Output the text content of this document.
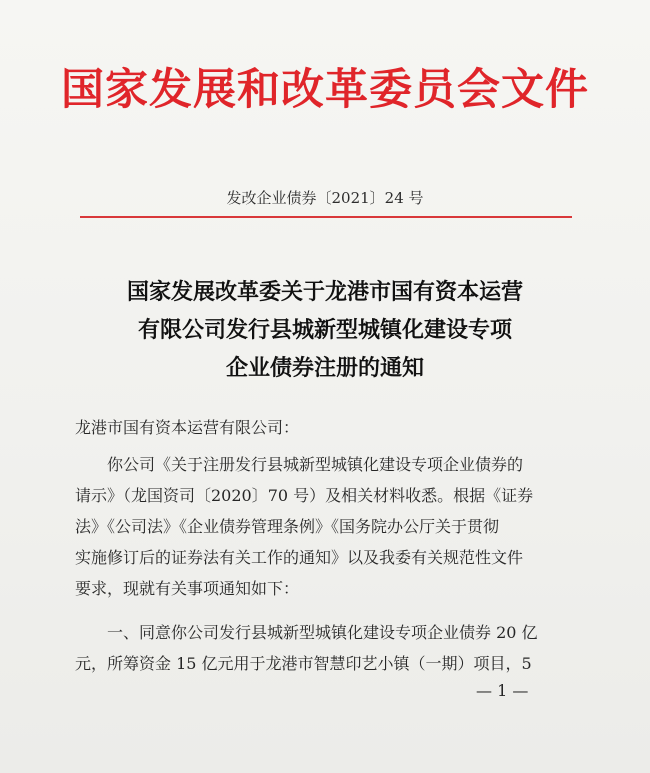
国家发展和改革委员会文件
发改企业债券〔2021〕24 号
国家发展改革委关于龙港市国有资本运营
有限公司发行县城新型城镇化建设专项
企业债券注册的通知
龙港市国有资本运营有限公司：
　　你公司《关于注册发行县城新型城镇化建设专项企业债券的
请示》（龙国资司〔2020〕70 号）及相关材料收悉。根据《证券
法》《公司法》《企业债券管理条例》《国务院办公厅关于贯彻
实施修订后的证券法有关工作的通知》以及我委有关规范性文件
要求，现就有关事项通知如下：
　　一、同意你公司发行县城新型城镇化建设专项企业债券 20 亿
元，所筹资金 15 亿元用于龙港市智慧印艺小镇（一期）项目，5
— 1 —
